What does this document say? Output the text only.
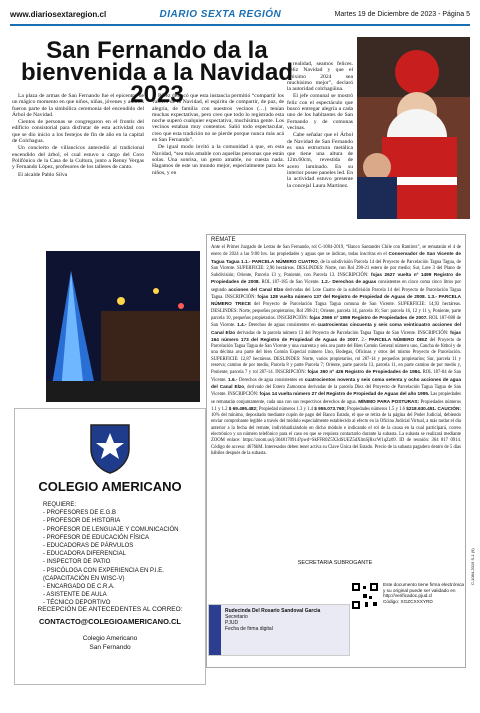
www.diariosextaregion.cl	DIARIO SEXTA REGIÓN	Martes 19 de Diciembre de 2023 - Página 5
San Fernando da la
bienvenida a la Navidad 2023

La plaza de armas de San Fernando fue el epicentro de un mágico momento en que niños, niñas, jóvenes y adultos fueron parte de la simbólica ceremonia del encendido del Árbol de Navidad.

Cientos de personas se congregaron en el frontis del edificio consistorial para disfrutar de esta actividad con que se dio inicio a los festejos de fin de año en la capital de Colchagua.

Un concierto de villancicos antecedió al tradicional encendido del árbol, el cual estuvo a cargo del Coro Polifónico de la Casa de la Cultura, junto a Renny Vergas y Fernando López, profesores de los talleres de canto.

El alcalde Pablo Silva

Pérez destacó que esta instancia permitió “compartir los valores de la Navidad, el espíritu de compartir, de paz, de alegría, de familia con nuestros vecinos (…) tenían muchas expectativas, pero creo que todo lo registrado esta noche superó cualquier expectativa, muchísima gente. Los vecinos estaban muy contentos. Salió todo espectacular, creo que esta tradición no se pierde porque nunca más acá en San Fernando”.

De igual modo invitó a la comunidad a que, en esta Navidad, “sea más amable con aquellas personas que están solas. Una sonrisa, un gesto amable, no cuesta nada. Hagamos de este un mundo mejor, especialmente para los niños, y en

realidad, seamos felices. Feliz Navidad y que el próximo 2024 sea muchísimo mejor”, declaró la autoridad colchagüina.

El jefe comunal se mostró feliz con el espectáculo que buscó entregar alegría a cada uno de los habitantes de San Fernando y de comunas vecinas.

Cabe señalar que el Árbol de Navidad de San Fernando es una estructura metálica que tiene una altura de 12m.60cm, revestida de acero laminado. En su interior posee paneles led. En la actividad estuvo presente la concejal Laura Martínez.

COLEGIO AMERICANO
REQUIERE:
- PROFESORES DE E.G.B
- PROFESOR DE HISTORIA
- PROFESOR DE LENGUAJE Y COMUNICACIÓN
- PROFESOR DE EDUCACIÓN FÍSICA
- EDUCADORAS DE PÁRVULOS
- EDUCADORA DIFERENCIAL
- INSPECTOR DE PATIO
- PSICÓLOGA CON EXPERIENCIA EN P.I.E.
(CAPACITACIÓN EN WISC-V)
- ENCARGADO DE C.R.A.
- ASISTENTE DE AULA
- TÉCNICO DEPORTIVO
RECEPCIÓN DE ANTECEDENTES AL CORREO:
CONTACTO@COLEGIOAMERICANO.CL
Colegio Americano
San Fernando
REMATE
Ante el Primer Juzgado de Letras de San Fernando, rol C-1084-2019, “Banco Santander Chile con Ramírez”, se rematarán el 4 de enero de 2024 a las 9:00 hrs. las propiedades y aguas que se indican, todas inscritas en el Conservador de San Vicente de Tagua Tagua 1.1.- PARCELA NÚMERO CUATRO, de la subdivisión Parcela 14 del Proyecto de Parcelación Tagua Tagua, de San Vicente. SUPERFICIE: 2,96 hectáreas. DESLINDES: Norte, con Rol 298-21 estero de por medio; Sur, Lote 3 del Plano de Subdivisión; Oriente, Parcela 13 y, Poniente, con Parcela 13. INSCRIPCIÓN: fojas 2627 vuelta nº 1499 Registro de Propiedades de 2008. ROL 187-185 de San Vicente. 1.2.- Derechos de aguas consistentes en cinco coma cinco litros por segundo acciones del Canal Elzo derivadas del Lote Cuatro de la subdivisión Parcela 14 del Proyecto de Parcelación Tagua Tagua. INSCRIPCIÓN: fojas 128 vuelta número 137 del Registro de Propiedad de Aguas de 2008. 1.3.- PARCELA NÚMERO TRECE del Proyecto de Parcelación Tagua Tagua comuna de San Vicente. SUPERFICIE: 14,93 hectáreas. DESLINDES: Norte, pequeños propietarios, Rol 298-21; Oriente, parcela 14, parcela 16; Sur: parcela 16, 12 y 11 y, Poniente, parte parcela 10, pequeños propietarios. INSCRIPCIÓN: fojas 2566 nº 1959 Registro de Propiedades de 2007. ROL 187-088 de San Vicente. 1.4.- Derechos de aguas consistentes en cuatrocientas cincuenta y seis coma veinticuatro acciones del Canal Elzo derivadas de la parcela número 13 del Proyecto de Parcelación Tagua Tagua de San Vicente. INSCRIPCIÓN: fojas 164 número 173 del Registro de Propiedad de Aguas de 2007. 2.- PARCELA NÚMERO DIEZ del Proyecto de Parcelación Tagua Tagua de San Vicente y una cuarenta y seis ava parte del Bien Común General número uno, Cancha de fútbol y de una décima ava parte del bien Común Especial número Uno, Bodegas, Oficinas y otros del mismo Proyecto de Parcelación. SUPERFICIE: 12,87 hectáreas. DESLINDES: Norte, varios propietarios, rol 287-14 y pequeños propietarios; Sur, parcela 11 y reserva; camino de por medio, Parcela 8 y parte Parcela 7; Oriente, parte parcela 13, parcela 11, en parte camino de por medio y, Poniente, parcela 7 y rol 287-14. INSCRIPCIÓN: fojas 360 nº 426 Registro de Propiedades de 1984. ROL 187-84 de San Vicente. 1.6.- Derechos de agua consistentes en cuatrocientos noventa y seis coma setenta y ocho acciones de agua del Canal Elzo, derivado del Estero Zamorano derivadas de la parcela Diez del Proyecto de Parcelación Tagua Tagua de San Vicente. INSCRIPCIÓN: fojas 14 vuelta número 27 del Registro de Propiedad de Aguas del año 1995. Las propiedades se rematarán conjuntamente, cada una con sus respectivos derechos de agua. MÍNIMO PARA POSTURAS: Propiedades números 1.1 y 1.2 $ 69.495.482; Propiedad números 1.3 y 1.4 $ 955.073.760; Propiedades números 1.5 y 1.6 $218.630.451. CAUCIÓN: 10% del mínimo, depositado mediante cupón de pago del Banco Estado, el que se retira de la página del Poder Judicial, debiendo enviar comprobante legible a través del módulo especialmente establecido al efecto en la Oficina Judicial Virtual, a más tardar el día anterior a la fecha del remate, individualizándolo en dicho módulo e indicando el rol de la causa en la cual participará, correo electrónico y un número telefónico para el caso en que se requiera contactarlo durante la subasta. La subasta se realizará mediante ZOOM enlace: https://zoom.us/j/3648170914?pwd=SkFFR0Z5X3dSUEZ5dXlmSjRxcW1qZz09. ID de reunión: 364 817 0914. Código de acceso: 4676hM. Interesados deben tener activa su Clave Única del Estado. Precio de la subasta pagadero dentro de 5 días hábiles después de la subasta.
SECRETARIA SUBROGANTE
Este documento tiene firma electrónica y su original puede ser validado en http://verificadoc.pjud.cl
Código: XGZCXXXYRD
Rudecinda Del Rosario Sandoval Garcia
Secretario
PJUD
Fecha de firma digital
C-1084-2019 S-1 (9)
